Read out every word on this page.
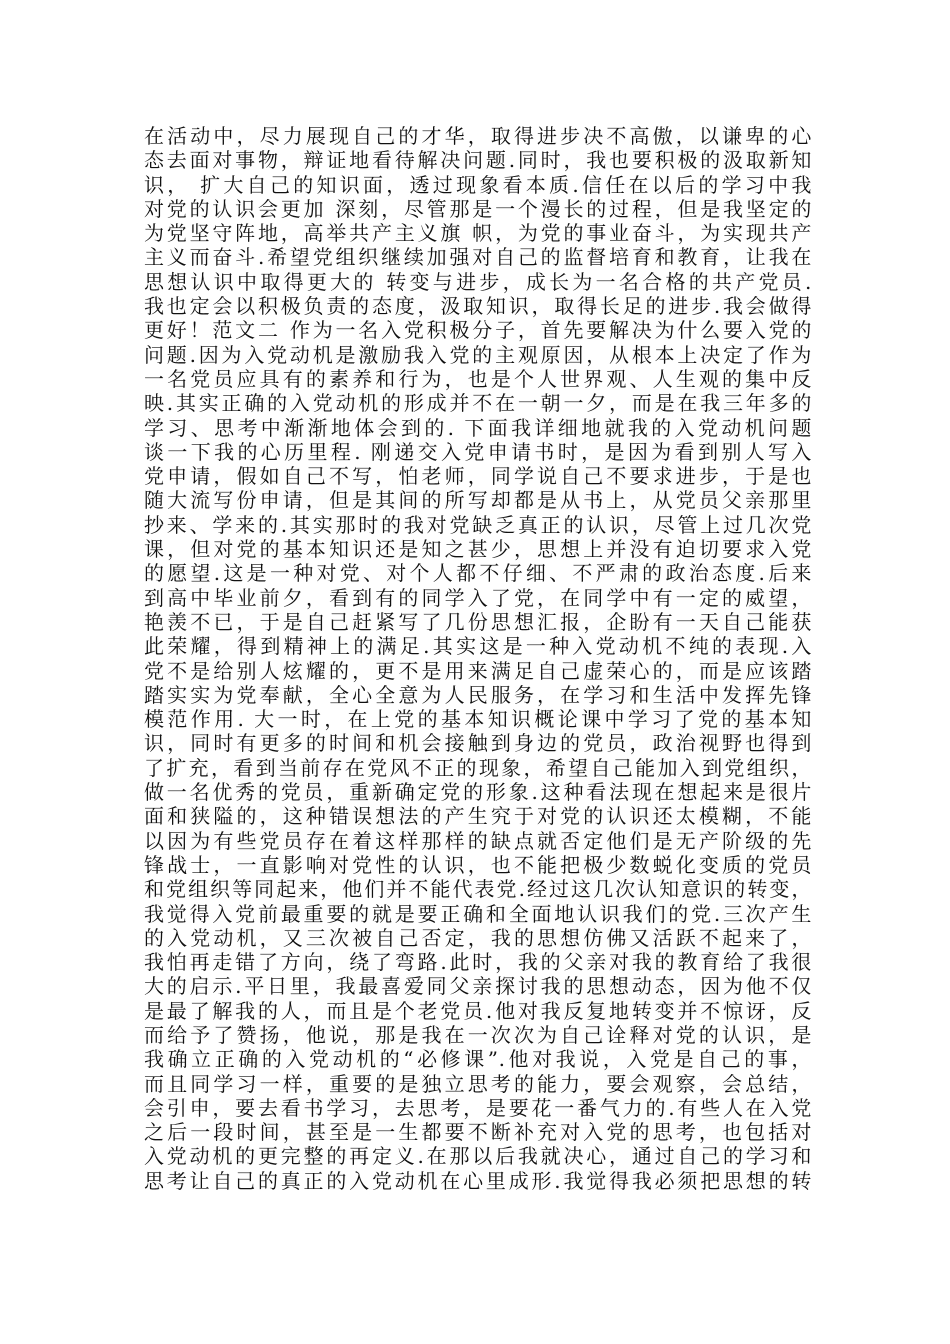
在活动中，尽力展现自己的才华，取得进步决不高傲，以谦卑的心
态去面对事物，辩证地看待解决问题.同时，我也要积极的汲取新知
识， 扩大自己的知识面，透过现象看本质.信任在以后的学习中我
对党的认识会更加 深刻，尽管那是一个漫长的过程，但是我坚定的
为党坚守阵地，高举共产主义旗 帜，为党的事业奋斗，为实现共产
主义而奋斗.希望党组织继续加强对自己的监督培育和教育，让我在
思想认识中取得更大的 转变与进步，成长为一名合格的共产党员.
我也定会以积极负责的态度，汲取知识，取得长足的进步.我会做得
更好！范文二 作为一名入党积极分子，首先要解决为什么要入党的
问题.因为入党动机是激励我入党的主观原因，从根本上决定了作为
一名党员应具有的素养和行为，也是个人世界观、人生观的集中反
映.其实正确的入党动机的形成并不在一朝一夕，而是在我三年多的
学习、思考中渐渐地体会到的. 下面我详细地就我的入党动机问题
谈一下我的心历里程. 刚递交入党申请书时，是因为看到别人写入
党申请，假如自己不写，怕老师，同学说自己不要求进步，于是也
随大流写份申请，但是其间的所写却都是从书上，从党员父亲那里
抄来、学来的.其实那时的我对党缺乏真正的认识，尽管上过几次党
课，但对党的基本知识还是知之甚少，思想上并没有迫切要求入党
的愿望.这是一种对党、对个人都不仔细、不严肃的政治态度.后来
到高中毕业前夕，看到有的同学入了党，在同学中有一定的威望，
艳羡不已，于是自己赶紧写了几份思想汇报，企盼有一天自己能获
此荣耀，得到精神上的满足.其实这是一种入党动机不纯的表现.入
党不是给别人炫耀的，更不是用来满足自己虚荣心的，而是应该踏
踏实实为党奉献，全心全意为人民服务，在学习和生活中发挥先锋
模范作用. 大一时，在上党的基本知识概论课中学习了党的基本知
识，同时有更多的时间和机会接触到身边的党员，政治视野也得到
了扩充，看到当前存在党风不正的现象，希望自己能加入到党组织，
做一名优秀的党员，重新确定党的形象.这种看法现在想起来是很片
面和狭隘的，这种错误想法的产生究于对党的认识还太模糊，不能
以因为有些党员存在着这样那样的缺点就否定他们是无产阶级的先
锋战士，一直影响对党性的认识，也不能把极少数蜕化变质的党员
和党组织等同起来，他们并不能代表党.经过这几次认知意识的转变，
我觉得入党前最重要的就是要正确和全面地认识我们的党.三次产生
的入党动机，又三次被自己否定，我的思想仿佛又活跃不起来了，
我怕再走错了方向，绕了弯路.此时，我的父亲对我的教育给了我很
大的启示.平日里，我最喜爱同父亲探讨我的思想动态，因为他不仅
是最了解我的人，而且是个老党员.他对我反复地转变并不惊讶，反
而给予了赞扬，他说，那是我在一次次为自己诠释对党的认识，是
我确立正确的入党动机的“必修课”.他对我说，入党是自己的事，
而且同学习一样，重要的是独立思考的能力，要会观察，会总结，
会引申，要去看书学习，去思考，是要花一番气力的.有些人在入党
之后一段时间，甚至是一生都要不断补充对入党的思考，也包括对
入党动机的更完整的再定义.在那以后我就决心，通过自己的学习和
思考让自己的真正的入党动机在心里成形.我觉得我必须把思想的转
